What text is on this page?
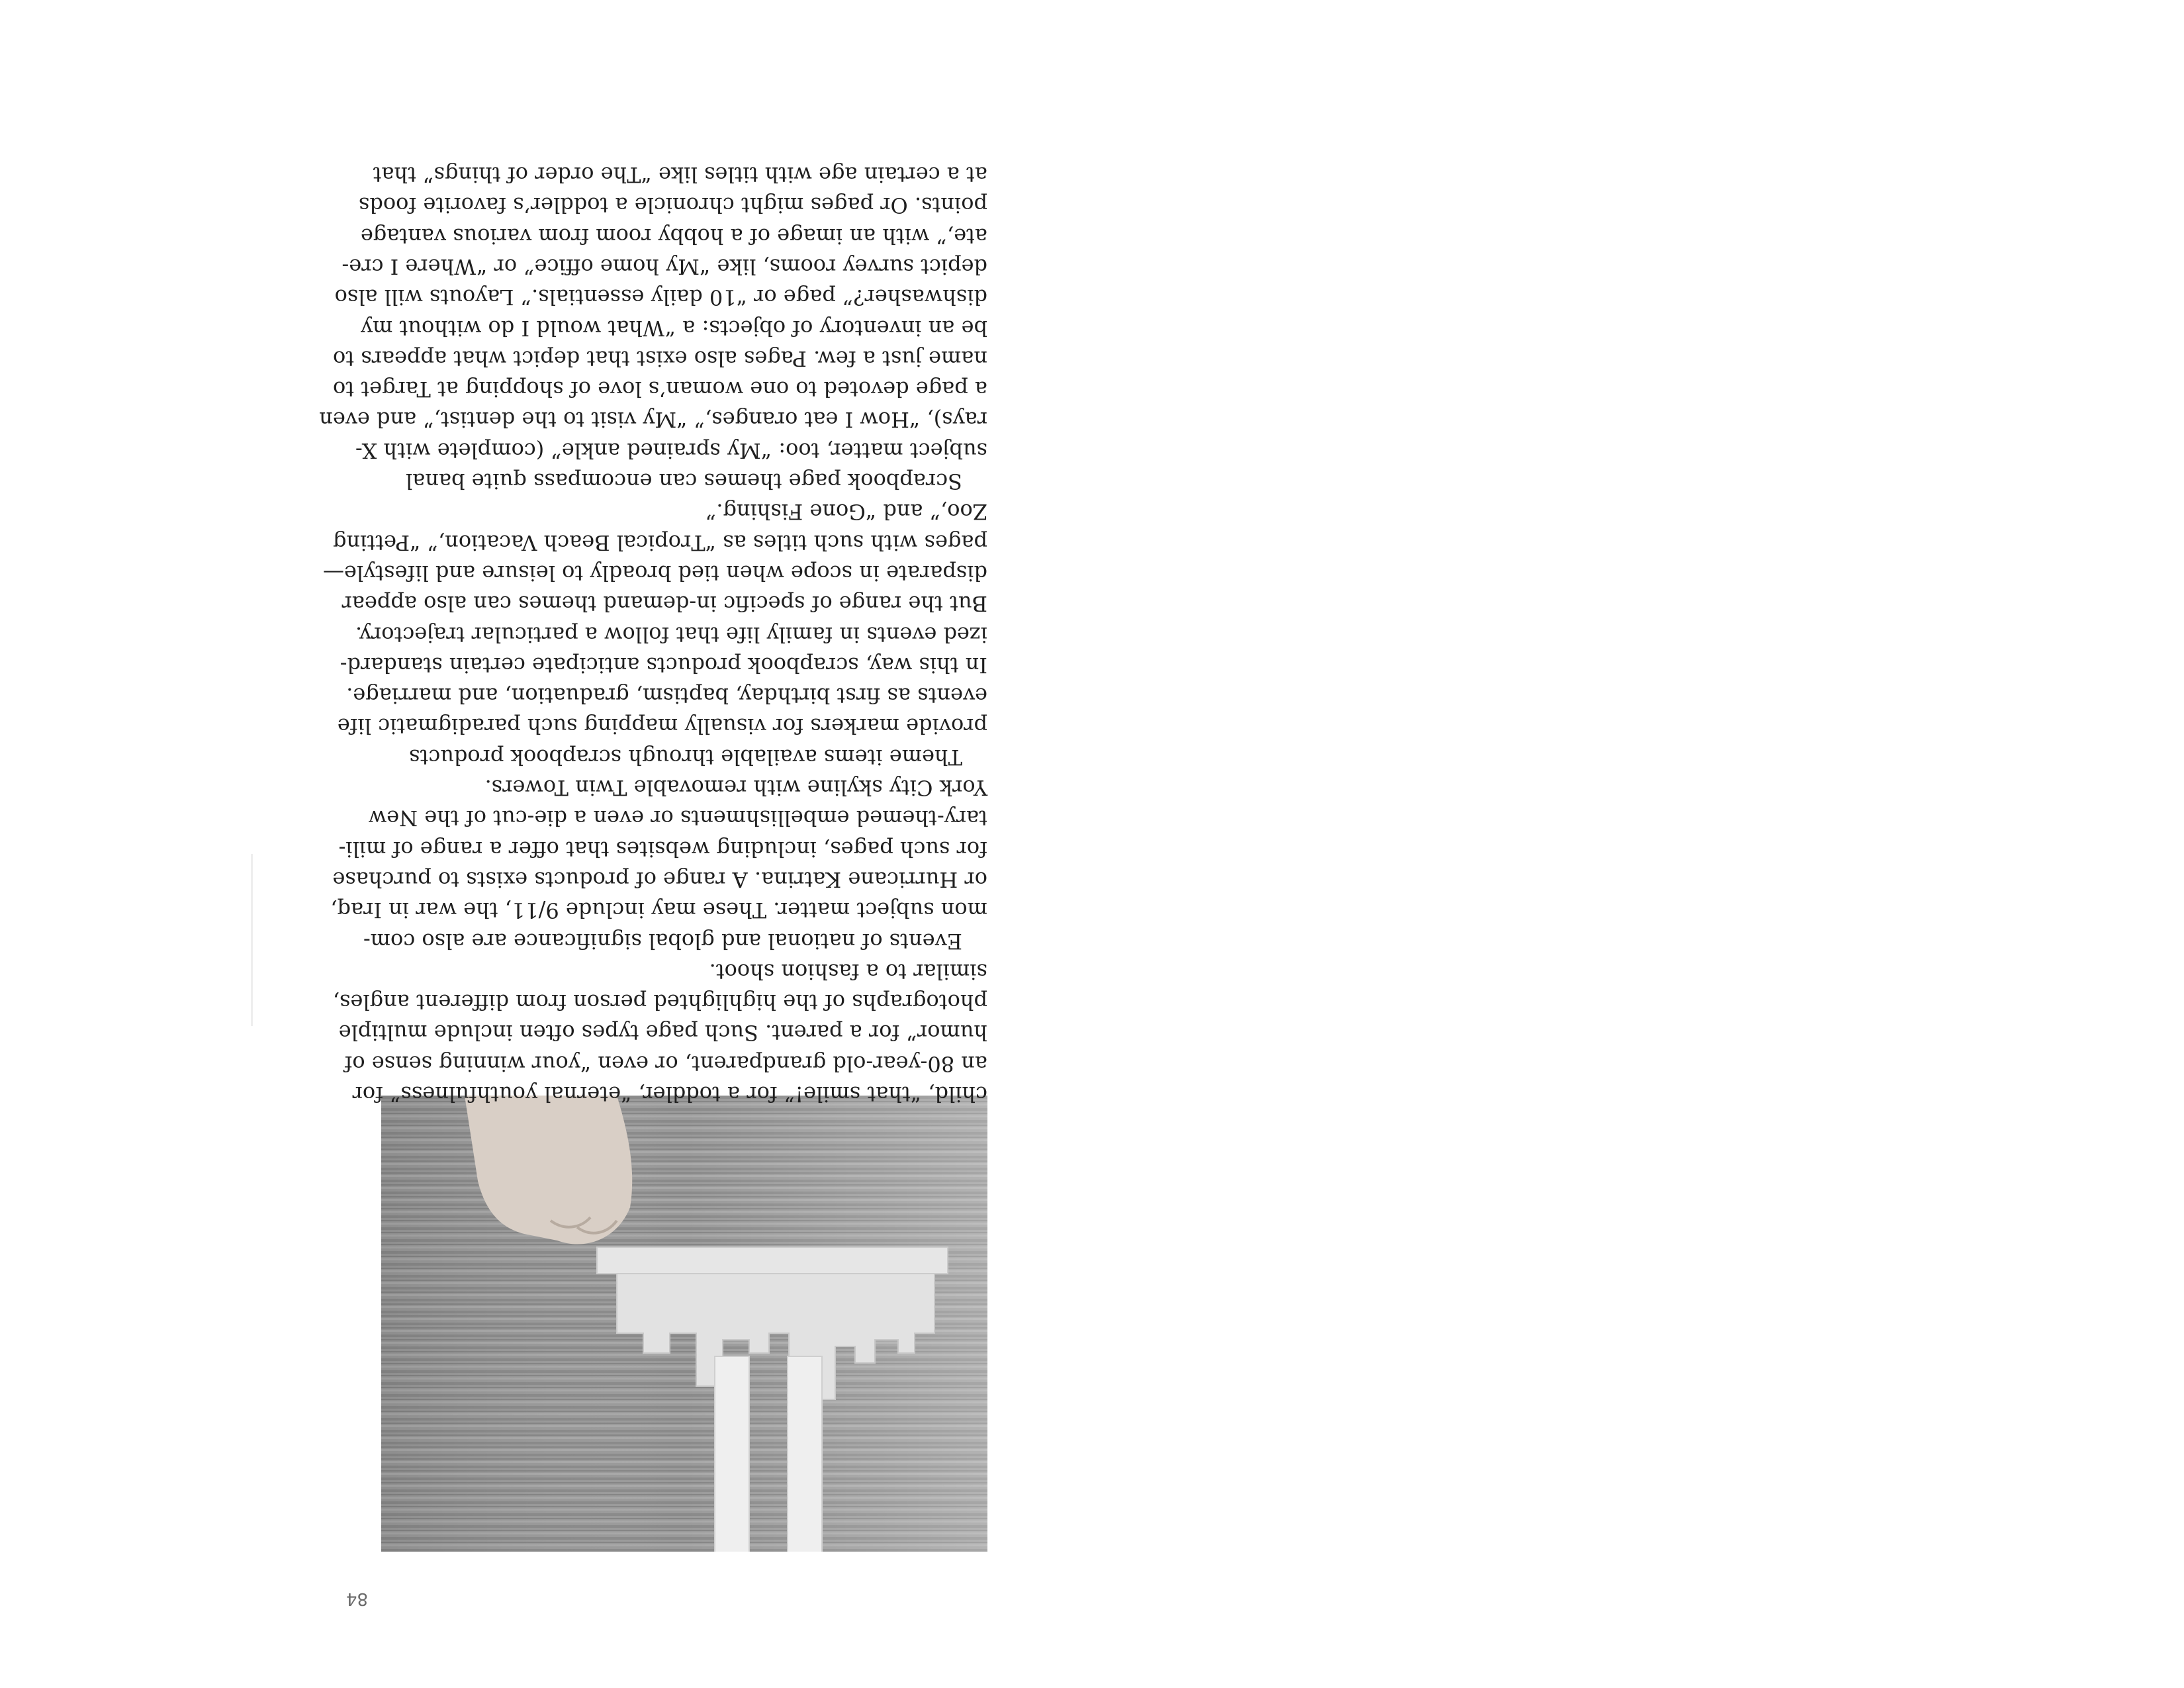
child, “that smile!” for a toddler, “eternal youthfulness” for
an 80-year-old grandparent, or even “your winning sense of
humor” for a parent. Such page types often include multiple
photographs of the highlighted person from different angles,
similar to a fashion shoot.
Events of national and global significance are also com-
mon subject matter. These may include 9/11, the war in Iraq,
or Hurricane Katrina. A range of products exists to purchase
for such pages, including websites that offer a range of mili-
tary-themed embellishments or even a die-cut of the New
York City skyline with removable Twin Towers.
Theme items available through scrapbook products
provide markers for visually mapping such paradigmatic life
events as first birthday, baptism, graduation, and marriage.
In this way, scrapbook products anticipate certain standard-
ized events in family life that follow a particular trajectory.
But the range of specific in-demand themes can also appear
disparate in scope when tied broadly to leisure and lifestyle—
pages with such titles as “Tropical Beach Vacation,” “Petting
Zoo,” and “Gone Fishing.”
Scrapbook page themes can encompass quite banal
subject matter, too: “My sprained ankle” (complete with X-
rays), “How I eat oranges,” “My visit to the dentist,” and even
a page devoted to one woman’s love of shopping at Target to
name just a few. Pages also exist that depict what appears to
be an inventory of objects: a “What would I do without my
dishwasher?” page or “10 daily essentials.” Layouts will also
depict survey rooms, like “My home office” or “Where I cre-
ate,” with an image of a hobby room from various vantage
points. Or pages might chronicle a toddler’s favorite foods
at a certain age with titles like “The order of things” that
84
